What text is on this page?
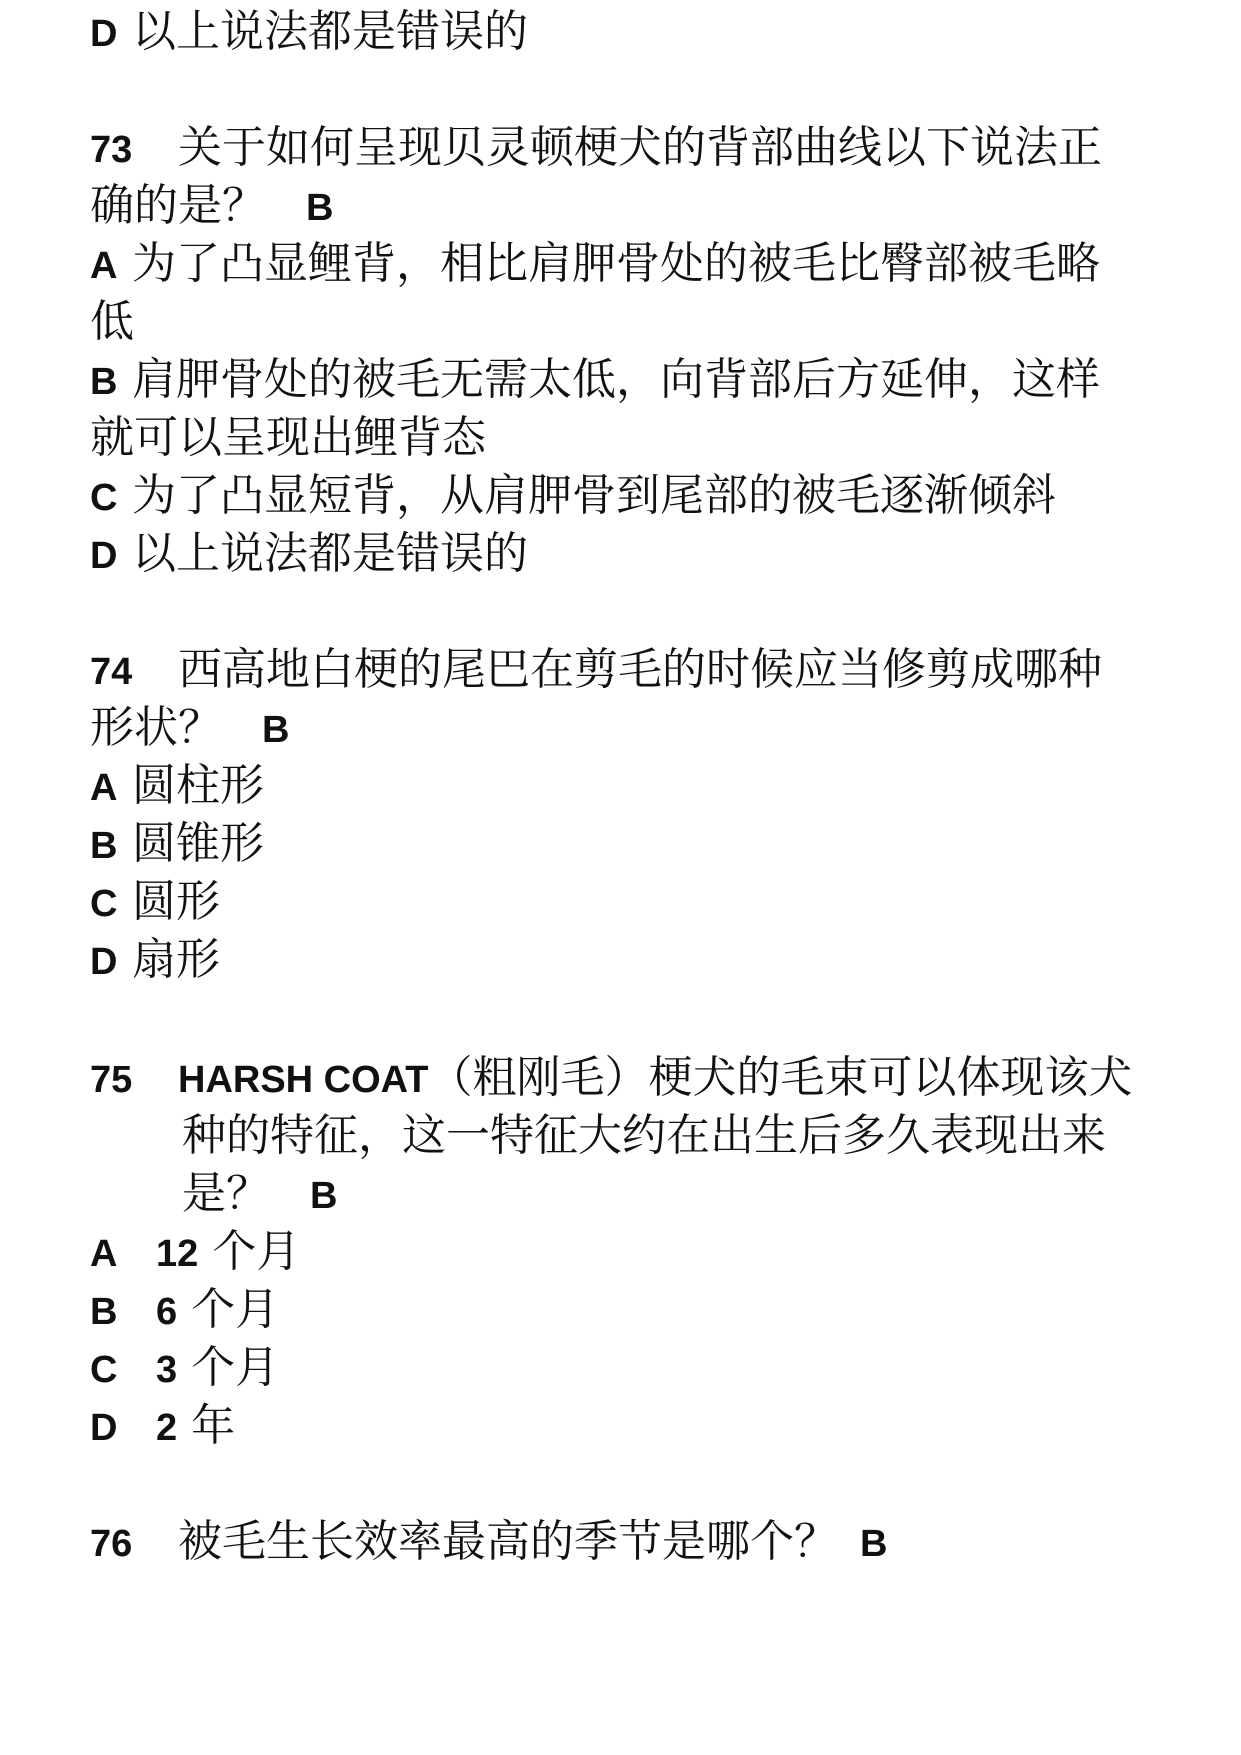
D 以上说法都是错误的
73 关于如何呈现贝灵顿梗犬的背部曲线以下说法正
确的是？ B
A 为了凸显鲤背，相比肩胛骨处的被毛比臀部被毛略
低
B 肩胛骨处的被毛无需太低，向背部后方延伸，这样
就可以呈现出鲤背态
C 为了凸显短背，从肩胛骨到尾部的被毛逐渐倾斜
D 以上说法都是错误的
74 西高地白梗的尾巴在剪毛的时候应当修剪成哪种
形状？ B
A 圆柱形
B 圆锥形
C 圆形
D 扇形
75 HARSH COAT（粗刚毛）梗犬的毛束可以体现该犬
种的特征，这一特征大约在出生后多久表现出来
是？ B
A 12 个月
B 6 个月
C 3 个月
D 2 年
76 被毛生长效率最高的季节是哪个？ B
